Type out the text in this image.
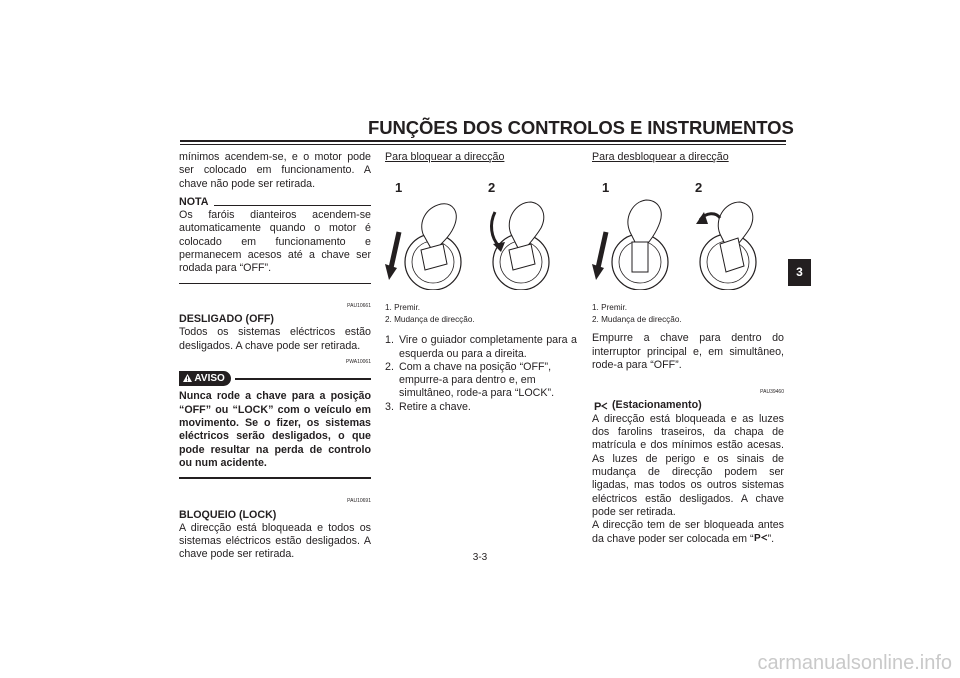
FUNÇÕES DOS CONTROLOS E INSTRUMENTOS
3

mínimos acendem-se, e o motor pode ser colocado em funcionamento. A chave não pode ser retirada.

NOTA

Os faróis dianteiros acendem-se automaticamente quando o motor é colocado em funcionamento e permanecem acesos até a chave ser rodada para “OFF”.

PAU10661
DESLIGADO (OFF)

Todos os sistemas eléctricos estão desligados. A chave pode ser retirada.

PWA10061
AVISO

Nunca rode a chave para a posição “OFF” ou “LOCK” com o veículo em movimento. Se o fizer, os sistemas eléctricos serão desligados, o que pode resultar na perda de controlo ou num acidente.

PAU10691
BLOQUEIO (LOCK)

A direcção está bloqueada e todos os sistemas eléctricos estão desligados. A chave pode ser retirada.

Para bloquear a direcção
1	2
1. Premir.
2. Mudança de direcção.
1. Vire o guiador completamente para a esquerda ou para a direita.
2. Com a chave na posição “OFF”, empurre-a para dentro e, em simultâneo, rode-a para “LOCK”.
3. Retire a chave.
Para desbloquear a direcção
1	2
1. Premir.
2. Mudança de direcção.

Empurre a chave para dentro do interruptor principal e, em simultâneo, rode-a para “OFF”.

PAU39460
P (Estacionamento)

A direcção está bloqueada e as luzes dos farolins traseiros, da chapa de matrícula e dos mínimos estão acesas. As luzes de perigo e os sinais de mudança de direcção podem ser ligadas, mas todos os outros sistemas eléctricos estão desligados. A chave pode ser retirada.

A direcção tem de ser bloqueada antes da chave poder ser colocada em “ P ”.

3-3
carmanualsonline.info
